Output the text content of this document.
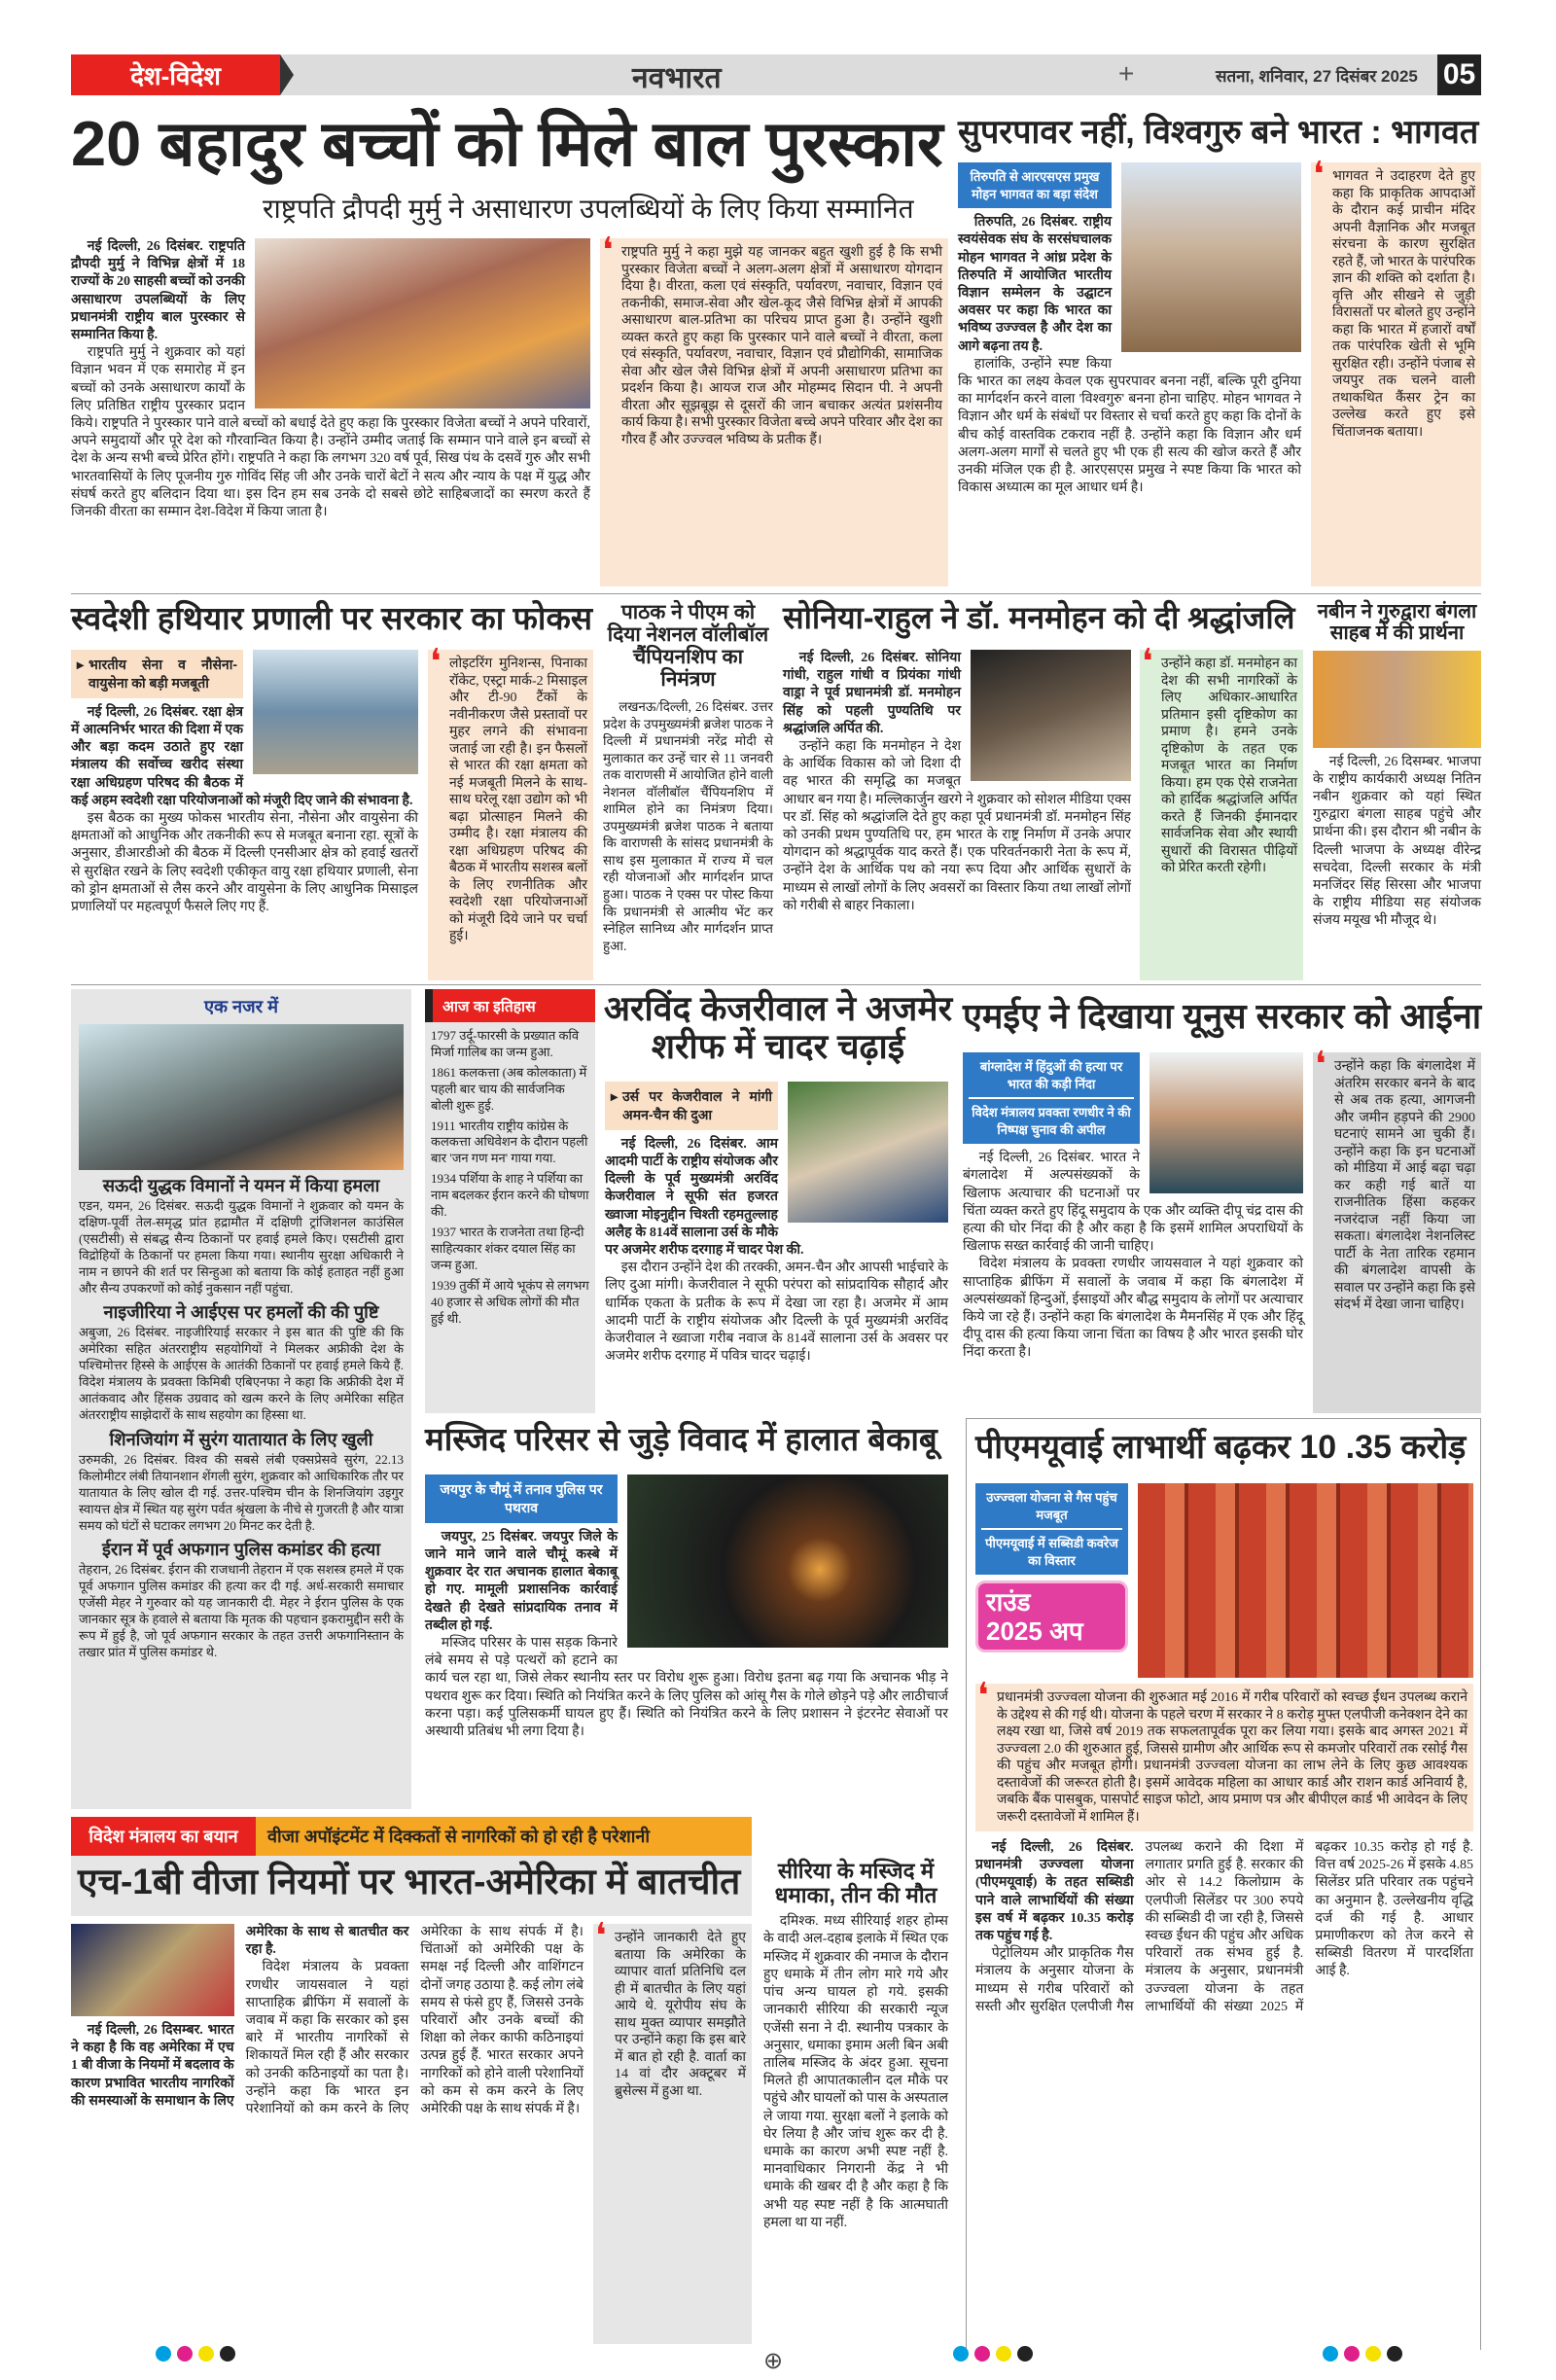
देश-विदेश	नवभारत	+	सतना, शनिवार, 27 दिसंबर 2025 05
20 बहादुर बच्चों को मिले बाल पुरस्कार
राष्ट्रपति द्रौपदी मुर्मु ने असाधारण उपलब्धियों के लिए किया सम्मानित

नई दिल्ली, 26 दिसंबर. राष्ट्रपति द्रौपदी मुर्मु ने विभिन्न क्षेत्रों में 18 राज्यों के 20 साहसी बच्चों को उनकी असाधारण उपलब्धियों के लिए प्रधानमंत्री राष्ट्रीय बाल पुरस्कार से सम्मानित किया है.

राष्ट्रपति मुर्मु ने शुक्रवार को यहां विज्ञान भवन में एक समारोह में इन बच्चों को उनके असाधारण कार्यों के लिए प्रतिष्ठित राष्ट्रीय पुरस्कार प्रदान किये। राष्ट्रपति ने पुरस्कार पाने वाले बच्चों को बधाई देते हुए कहा कि पुरस्कार विजेता बच्चों ने अपने परिवारों, अपने समुदायों और पूरे देश को गौरवान्वित किया है। उन्होंने उम्मीद जताई कि सम्मान पाने वाले इन बच्चों से देश के अन्य सभी बच्चे प्रेरित होंगे। राष्ट्रपति ने कहा कि लगभग 320 वर्ष पूर्व, सिख पंथ के दसवें गुरु और सभी भारतवासियों के लिए पूजनीय गुरु गोविंद सिंह जी और उनके चारों बेटों ने सत्य और न्याय के पक्ष में युद्ध और संघर्ष करते हुए बलिदान दिया था। इस दिन हम सब उनके दो सबसे छोटे साहिबजादों का स्मरण करते हैं जिनकी वीरता का सम्मान देश-विदेश में किया जाता है।

❛ राष्ट्रपति मुर्मु ने कहा मुझे यह जानकर बहुत खुशी हुई है कि सभी पुरस्कार विजेता बच्चों ने अलग-अलग क्षेत्रों में असाधारण योगदान दिया है। वीरता, कला एवं संस्कृति, पर्यावरण, नवाचार, विज्ञान एवं तकनीकी, समाज-सेवा और खेल-कूद जैसे विभिन्न क्षेत्रों में आपकी असाधारण बाल-प्रतिभा का परिचय प्राप्त हुआ है। उन्होंने खुशी व्यक्त करते हुए कहा कि पुरस्कार पाने वाले बच्चों ने वीरता, कला एवं संस्कृति, पर्यावरण, नवाचार, विज्ञान एवं प्रौद्योगिकी, सामाजिक सेवा और खेल जैसे विभिन्न क्षेत्रों में अपनी असाधारण प्रतिभा का प्रदर्शन किया है। आयज राज और मोहम्मद सिदान पी. ने अपनी वीरता और सूझबूझ से दूसरों की जान बचाकर अत्यंत प्रशंसनीय कार्य किया है। सभी पुरस्कार विजेता बच्चे अपने परिवार और देश का गौरव हैं और उज्ज्वल भविष्य के प्रतीक हैं।
सुपरपावर नहीं, विश्वगुरु बने भारत : भागवत
तिरुपति से आरएसएस प्रमुख मोहन भागवत का बड़ा संदेश

तिरुपति, 26 दिसंबर. राष्ट्रीय स्वयंसेवक संघ के सरसंघचालक मोहन भागवत ने आंध्र प्रदेश के तिरुपति में आयोजित भारतीय विज्ञान सम्मेलन के उद्घाटन अवसर पर कहा कि भारत का भविष्य उज्ज्वल है और देश का आगे बढ़ना तय है.

हालांकि, उन्होंने स्पष्ट किया कि भारत का लक्ष्य केवल एक सुपरपावर बनना नहीं, बल्कि पूरी दुनिया का मार्गदर्शन करने वाला 'विश्वगुरु' बनना होना चाहिए. मोहन भागवत ने विज्ञान और धर्म के संबंधों पर विस्तार से चर्चा करते हुए कहा कि दोनों के बीच कोई वास्तविक टकराव नहीं है. उन्होंने कहा कि विज्ञान और धर्म अलग-अलग मार्गों से चलते हुए भी एक ही सत्य की खोज करते हैं और उनकी मंजिल एक ही है. आरएसएस प्रमुख ने स्पष्ट किया कि भारत को विकास अध्यात्म का मूल आधार धर्म है।

❛ भागवत ने उदाहरण देते हुए कहा कि प्राकृतिक आपदाओं के दौरान कई प्राचीन मंदिर अपनी वैज्ञानिक और मजबूत संरचना के कारण सुरक्षित रहते हैं, जो भारत के पारंपरिक ज्ञान की शक्ति को दर्शाता है। वृत्ति और सीखने से जुड़ी विरासतों पर बोलते हुए उन्होंने कहा कि भारत में हजारों वर्षों तक पारंपरिक खेती से भूमि सुरक्षित रही। उन्होंने पंजाब से जयपुर तक चलने वाली तथाकथित कैंसर ट्रेन का उल्लेख करते हुए इसे चिंताजनक बताया।
स्वदेशी हथियार प्रणाली पर सरकार का फोकस
▸ भारतीय सेना व नौसेना-वायुसेना को बड़ी मजबूती

नई दिल्ली, 26 दिसंबर. रक्षा क्षेत्र में आत्मनिर्भर भारत की दिशा में एक और बड़ा कदम उठाते हुए रक्षा मंत्रालय की सर्वोच्च खरीद संस्था रक्षा अधिग्रहण परिषद की बैठक में कई अहम स्वदेशी रक्षा परियोजनाओं को मंजूरी दिए जाने की संभावना है.

इस बैठक का मुख्य फोकस भारतीय सेना, नौसेना और वायुसेना की क्षमताओं को आधुनिक और तकनीकी रूप से मजबूत बनाना रहा. सूत्रों के अनुसार, डीआरडीओ की बैठक में दिल्ली एनसीआर क्षेत्र को हवाई खतरों से सुरक्षित रखने के लिए स्वदेशी एकीकृत वायु रक्षा हथियार प्रणाली, सेना को ड्रोन क्षमताओं से लैस करने और वायुसेना के लिए आधुनिक मिसाइल प्रणालियों पर महत्वपूर्ण फैसले लिए गए हैं.

❛ लोइटरिंग मुनिशन्स, पिनाका रॉकेट, एस्ट्रा मार्क-2 मिसाइल और टी-90 टैंकों के नवीनीकरण जैसे प्रस्तावों पर मुहर लगने की संभावना जताई जा रही है। इन फैसलों से भारत की रक्षा क्षमता को नई मजबूती मिलने के साथ-साथ घरेलू रक्षा उद्योग को भी बढ़ा प्रोत्साहन मिलने की उम्मीद है। रक्षा मंत्रालय की रक्षा अधिग्रहण परिषद की बैठक में भारतीय सशस्त्र बलों के लिए रणनीतिक और स्वदेशी रक्षा परियोजनाओं को मंजूरी दिये जाने पर चर्चा हुई।
पाठक ने पीएम को दिया नेशनल वॉलीबॉल चैंपियनशिप का निमंत्रण

लखनऊ/दिल्ली, 26 दिसंबर. उत्तर प्रदेश के उपमुख्यमंत्री ब्रजेश पाठक ने दिल्ली में प्रधानमंत्री नरेंद्र मोदी से मुलाकात कर उन्हें चार से 11 जनवरी तक वाराणसी में आयोजित होने वाली नेशनल वॉलीबॉल चैंपियनशिप में शामिल होने का निमंत्रण दिया। उपमुख्यमंत्री ब्रजेश पाठक ने बताया कि वाराणसी के सांसद प्रधानमंत्री के साथ इस मुलाकात में राज्य में चल रही योजनाओं और मार्गदर्शन प्राप्त हुआ। पाठक ने एक्स पर पोस्ट किया कि प्रधानमंत्री से आत्मीय भेंट कर स्नेहिल सानिध्य और मार्गदर्शन प्राप्त हुआ.

सोनिया-राहुल ने डॉ. मनमोहन को दी श्रद्धांजलि

नई दिल्ली, 26 दिसंबर. सोनिया गांधी, राहुल गांधी व प्रियंका गांधी वाड्रा ने पूर्व प्रधानमंत्री डॉ. मनमोहन सिंह को पहली पुण्यतिथि पर श्रद्धांजलि अर्पित की.

उन्होंने कहा कि मनमोहन ने देश के आर्थिक विकास को जो दिशा दी वह भारत की समृद्धि का मजबूत आधार बन गया है। मल्लिकार्जुन खरगे ने शुक्रवार को सोशल मीडिया एक्स पर डॉ. सिंह को श्रद्धांजलि देते हुए कहा पूर्व प्रधानमंत्री डॉ. मनमोहन सिंह को उनकी प्रथम पुण्यतिथि पर, हम भारत के राष्ट्र निर्माण में उनके अपार योगदान को श्रद्धापूर्वक याद करते हैं। एक परिवर्तनकारी नेता के रूप में, उन्होंने देश के आर्थिक पथ को नया रूप दिया और आर्थिक सुधारों के माध्यम से लाखों लोगों के लिए अवसरों का विस्तार किया तथा लाखों लोगों को गरीबी से बाहर निकाला।

❛ उन्होंने कहा डॉ. मनमोहन का देश की सभी नागरिकों के लिए अधिकार-आधारित प्रतिमान इसी दृष्टिकोण का प्रमाण है। हमने उनके दृष्टिकोण के तहत एक मजबूत भारत का निर्माण किया। हम एक ऐसे राजनेता को हार्दिक श्रद्धांजलि अर्पित करते हैं जिनकी ईमानदार सार्वजनिक सेवा और स्थायी सुधारों की विरासत पीढ़ियों को प्रेरित करती रहेगी।
नबीन ने गुरुद्वारा बंगला साहब में की प्रार्थना

नई दिल्ली, 26 दिसम्बर. भाजपा के राष्ट्रीय कार्यकारी अध्यक्ष नितिन नबीन शुक्रवार को यहां स्थित गुरुद्वारा बंगला साहब पहुंचे और प्रार्थना की। इस दौरान श्री नबीन के दिल्ली भाजपा के अध्यक्ष वीरेन्द्र सचदेवा, दिल्ली सरकार के मंत्री मनजिंदर सिंह सिरसा और भाजपा के राष्ट्रीय मीडिया सह संयोजक संजय मयूख भी मौजूद थे।

एक नजर में
सऊदी युद्धक विमानों ने यमन में किया हमला
एडन, यमन, 26 दिसंबर. सऊदी युद्धक विमानों ने शुक्रवार को यमन के दक्षिण-पूर्वी तेल-समृद्ध प्रांत हद्रामौत में दक्षिणी ट्रांजिशनल काउंसिल (एसटीसी) से संबद्ध सैन्य ठिकानों पर हवाई हमले किए। एसटीसी द्वारा विद्रोहियों के ठिकानों पर हमला किया गया। स्थानीय सुरक्षा अधिकारी ने नाम न छापने की शर्त पर सिन्हुआ को बताया कि कोई हताहत नहीं हुआ और सैन्य उपकरणों को कोई नुकसान नहीं पहुंचा.
नाइजीरिया ने आईएस पर हमलों की की पुष्टि
अबुजा, 26 दिसंबर. नाइजीरियाई सरकार ने इस बात की पुष्टि की कि अमेरिका सहित अंतरराष्ट्रीय सहयोगियों ने मिलकर अफ्रीकी देश के पश्चिमोत्तर हिस्से के आईएस के आतंकी ठिकानों पर हवाई हमले किये हैं. विदेश मंत्रालय के प्रवक्ता किमिबी एबिएनफा ने कहा कि अफ्रीकी देश में आतंकवाद और हिंसक उग्रवाद को खत्म करने के लिए अमेरिका सहित अंतरराष्ट्रीय साझेदारों के साथ सहयोग का हिस्सा था.
शिनजियांग में सुरंग यातायात के लिए खुली
उरुमकी, 26 दिसंबर. विश्व की सबसे लंबी एक्सप्रेसवे सुरंग, 22.13 किलोमीटर लंबी तियानशान शेंगली सुरंग, शुक्रवार को आधिकारिक तौर पर यातायात के लिए खोल दी गई. उत्तर-पश्चिम चीन के शिनजियांग उइगुर स्वायत्त क्षेत्र में स्थित यह सुरंग पर्वत श्रृंखला के नीचे से गुजरती है और यात्रा समय को घंटों से घटाकर लगभग 20 मिनट कर देती है.
ईरान में पूर्व अफगान पुलिस कमांडर की हत्या
तेहरान, 26 दिसंबर. ईरान की राजधानी तेहरान में एक सशस्त्र हमले में एक पूर्व अफगान पुलिस कमांडर की हत्या कर दी गई. अर्ध-सरकारी समाचार एजेंसी मेहर ने गुरुवार को यह जानकारी दी. मेहर ने ईरान पुलिस के एक जानकार सूत्र के हवाले से बताया कि मृतक की पहचान इकरामुद्दीन सरी के रूप में हुई है, जो पूर्व अफगान सरकार के तहत उत्तरी अफगानिस्तान के तखार प्रांत में पुलिस कमांडर थे.
आज का इतिहास

1797 उर्दू-फारसी के प्रख्यात कवि मिर्जा गालिब का जन्म हुआ.

1861 कलकत्ता (अब कोलकाता) में पहली बार चाय की सार्वजनिक बोली शुरू हुई.

1911 भारतीय राष्ट्रीय कांग्रेस के कलकत्ता अधिवेशन के दौरान पहली बार 'जन गण मन' गाया गया.

1934 पर्शिया के शाह ने पर्शिया का नाम बदलकर ईरान करने की घोषणा की.

1937 भारत के राजनेता तथा हिन्दी साहित्यकार शंकर दयाल सिंह का जन्म हुआ.

1939 तुर्की में आये भूकंप से लगभग 40 हजार से अधिक लोगों की मौत हुई थी.

अरविंद केजरीवाल ने अजमेर शरीफ में चादर चढ़ाई
▸ उर्स पर केजरीवाल ने मांगी अमन-चैन की दुआ

नई दिल्ली, 26 दिसंबर. आम आदमी पार्टी के राष्ट्रीय संयोजक और दिल्ली के पूर्व मुख्यमंत्री अरविंद केजरीवाल ने सूफी संत हजरत ख्वाजा मोइनुद्दीन चिश्ती रहमतुल्लाह अलैह के 814वें सालाना उर्स के मौके पर अजमेर शरीफ दरगाह में चादर पेश की.

इस दौरान उन्होंने देश की तरक्की, अमन-चैन और आपसी भाईचारे के लिए दुआ मांगी। केजरीवाल ने सूफी परंपरा को सांप्रदायिक सौहार्द और धार्मिक एकता के प्रतीक के रूप में देखा जा रहा है। अजमेर में आम आदमी पार्टी के राष्ट्रीय संयोजक और दिल्ली के पूर्व मुख्यमंत्री अरविंद केजरीवाल ने ख्वाजा गरीब नवाज के 814वें सालाना उर्स के अवसर पर अजमेर शरीफ दरगाह में पवित्र चादर चढ़ाई।

एमईए ने दिखाया यूनुस सरकार को आईना
बांग्लादेश में हिंदुओं की हत्या पर भारत की कड़ी निंदा
विदेश मंत्रालय प्रवक्ता रणधीर ने की निष्पक्ष चुनाव की अपील

नई दिल्ली, 26 दिसंबर. भारत ने बंगलादेश में अल्पसंख्यकों के खिलाफ अत्याचार की घटनाओं पर चिंता व्यक्त करते हुए हिंदू समुदाय के एक और व्यक्ति दीपू चंद्र दास की हत्या की घोर निंदा की है और कहा है कि इसमें शामिल अपराधियों के खिलाफ सख्त कार्रवाई की जानी चाहिए।

विदेश मंत्रालय के प्रवक्ता रणधीर जायसवाल ने यहां शुक्रवार को साप्ताहिक ब्रीफिंग में सवालों के जवाब में कहा कि बंगलादेश में अल्पसंख्यकों हिन्दुओं, ईसाइयों और बौद्ध समुदाय के लोगों पर अत्याचार किये जा रहे हैं। उन्होंने कहा कि बंगलादेश के मैमनसिंह में एक और हिंदू दीपू दास की हत्या किया जाना चिंता का विषय है और भारत इसकी घोर निंदा करता है।

❛ उन्होंने कहा कि बंगलादेश में अंतरिम सरकार बनने के बाद से अब तक हत्या, आगजनी और जमीन हड़पने की 2900 घटनाएं सामने आ चुकी हैं। उन्होंने कहा कि इन घटनाओं को मीडिया में आई बढ़ा चढ़ा कर कही गई बातें या राजनीतिक हिंसा कहकर नजरंदाज नहीं किया जा सकता। बंगलादेश नेशनलिस्ट पार्टी के नेता तारिक रहमान की बंगलादेश वापसी के सवाल पर उन्होंने कहा कि इसे संदर्भ में देखा जाना चाहिए।
मस्जिद परिसर से जुड़े विवाद में हालात बेकाबू
जयपुर के चौमूं में तनाव पुलिस पर पथराव

जयपुर, 25 दिसंबर. जयपुर जिले के जाने माने जाने वाले चौमूं कस्बे में शुक्रवार देर रात अचानक हालात बेकाबू हो गए. मामूली प्रशासनिक कार्रवाई देखते ही देखते सांप्रदायिक तनाव में तब्दील हो गई.

मस्जिद परिसर के पास सड़क किनारे लंबे समय से पड़े पत्थरों को हटाने का कार्य चल रहा था, जिसे लेकर स्थानीय स्तर पर विरोध शुरू हुआ। विरोध इतना बढ़ गया कि अचानक भीड़ ने पथराव शुरू कर दिया। स्थिति को नियंत्रित करने के लिए पुलिस को आंसू गैस के गोले छोड़ने पड़े और लाठीचार्ज करना पड़ा। कई पुलिसकर्मी घायल हुए हैं। स्थिति को नियंत्रित करने के लिए प्रशासन ने इंटरनेट सेवाओं पर अस्थायी प्रतिबंध भी लगा दिया है।

पीएमयूवाई लाभार्थी बढ़कर 10 .35 करोड़
उज्ज्वला योजना से गैस पहुंच मजबूत
पीएमयूवाई में सब्सिडी कवरेज का विस्तार
राउंड
2025 अप
❛ प्रधानमंत्री उज्ज्वला योजना की शुरुआत मई 2016 में गरीब परिवारों को स्वच्छ ईंधन उपलब्ध कराने के उद्देश्य से की गई थी। योजना के पहले चरण में सरकार ने 8 करोड़ मुफ्त एलपीजी कनेक्शन देने का लक्ष्य रखा था, जिसे वर्ष 2019 तक सफलतापूर्वक पूरा कर लिया गया। इसके बाद अगस्त 2021 में उज्ज्वला 2.0 की शुरुआत हुई, जिससे ग्रामीण और आर्थिक रूप से कमजोर परिवारों तक रसोई गैस की पहुंच और मजबूत होगी। प्रधानमंत्री उज्ज्वला योजना का लाभ लेने के लिए कुछ आवश्यक दस्तावेजों की जरूरत होती है। इसमें आवेदक महिला का आधार कार्ड और राशन कार्ड अनिवार्य है, जबकि बैंक पासबुक, पासपोर्ट साइज फोटो, आय प्रमाण पत्र और बीपीएल कार्ड भी आवेदन के लिए जरूरी दस्तावेजों में शामिल हैं।

नई दिल्ली, 26 दिसंबर. प्रधानमंत्री उज्ज्वला योजना (पीएमयूवाई) के तहत सब्सिडी पाने वाले लाभार्थियों की संख्या इस वर्ष में बढ़कर 10.35 करोड़ तक पहुंच गई है.

पेट्रोलियम और प्राकृतिक गैस मंत्रालय के अनुसार योजना के माध्यम से गरीब परिवारों को सस्ती और सुरक्षित एलपीजी गैस उपलब्ध कराने की दिशा में लगातार प्रगति हुई है. सरकार की ओर से 14.2 किलोग्राम के एलपीजी सिलेंडर पर 300 रुपये की सब्सिडी दी जा रही है, जिससे स्वच्छ ईंधन की पहुंच और अधिक परिवारों तक संभव हुई है. मंत्रालय के अनुसार, प्रधानमंत्री उज्ज्वला योजना के तहत लाभार्थियों की संख्या 2025 में बढ़कर 10.35 करोड़ हो गई है. वित्त वर्ष 2025-26 में इसके 4.85 सिलेंडर प्रति परिवार तक पहुंचने का अनुमान है. उल्लेखनीय वृद्धि दर्ज की गई है. आधार प्रमाणीकरण को तेज करने से सब्सिडी वितरण में पारदर्शिता आई है.

विदेश मंत्रालय का बयान	वीजा अपॉइंटमेंट में दिक्कतों से नागरिकों को हो रही है परेशानी
एच-1बी वीजा नियमों पर भारत-अमेरिका में बातचीत

नई दिल्ली, 26 दिसम्बर. भारत ने कहा है कि वह अमेरिका में एच 1 बी वीजा के नियमों में बदलाव के कारण प्रभावित भारतीय नागरिकों की समस्याओं के समाधान के लिए अमेरिका के साथ से बातचीत कर रहा है.

विदेश मंत्रालय के प्रवक्ता रणधीर जायसवाल ने यहां साप्ताहिक ब्रीफिंग में सवालों के जवाब में कहा कि सरकार को इस बारे में भारतीय नागरिकों से शिकायतें मिल रही हैं और सरकार को उनकी कठिनाइयों का पता है। उन्होंने कहा कि भारत इन परेशानियों को कम करने के लिए अमेरिका के साथ संपर्क में है। चिंताओं को अमेरिकी पक्ष के समक्ष नई दिल्ली और वाशिंगटन दोनों जगह उठाया है. कई लोग लंबे समय से फंसे हुए हैं, जिससे उनके परिवारों और उनके बच्चों की शिक्षा को लेकर काफी कठिनाइयां उत्पन्न हुई हैं. भारत सरकार अपने नागरिकों को होने वाली परेशानियों को कम से कम करने के लिए अमेरिकी पक्ष के साथ संपर्क में है।

❛ उन्होंने जानकारी देते हुए बताया कि अमेरिका के व्यापार वार्ता प्रतिनिधि दल ही में बातचीत के लिए यहां आये थे. यूरोपीय संघ के साथ मुक्त व्यापार समझौते पर उन्होंने कहा कि इस बारे में बात हो रही है. वार्ता का 14 वां दौर अक्टूबर में ब्रुसेल्स में हुआ था.
सीरिया के मस्जिद में धमाका, तीन की मौत

दमिश्क. मध्य सीरियाई शहर होम्स के वादी अल-दहाब इलाके में स्थित एक मस्जिद में शुक्रवार की नमाज के दौरान हुए धमाके में तीन लोग मारे गये और पांच अन्य घायल हो गये. इसकी जानकारी सीरिया की सरकारी न्यूज एजेंसी सना ने दी. स्थानीय पत्रकार के अनुसार, धमाका इमाम अली बिन अबी तालिब मस्जिद के अंदर हुआ. सूचना मिलते ही आपातकालीन दल मौके पर पहुंचे और घायलों को पास के अस्पताल ले जाया गया. सुरक्षा बलों ने इलाके को घेर लिया है और जांच शुरू कर दी है. धमाके का कारण अभी स्पष्ट नहीं है. मानवाधिकार निगरानी केंद्र ने भी धमाके की खबर दी है और कहा है कि अभी यह स्पष्ट नहीं है कि आत्मघाती हमला था या नहीं.

⊕
